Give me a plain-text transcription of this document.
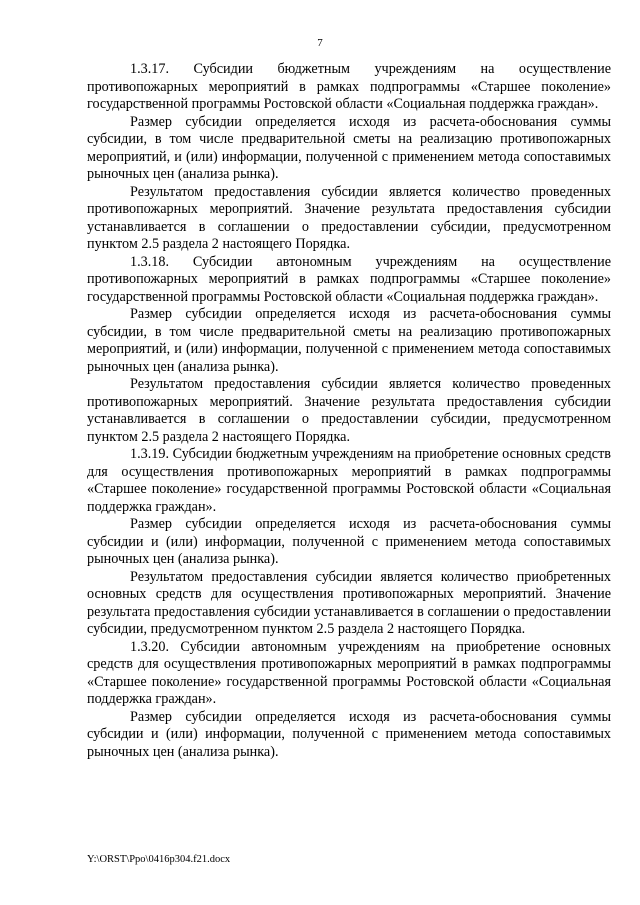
7

1.3.17. Субсидии бюджетным учреждениям на осуществление противопожарных мероприятий в рамках подпрограммы «Старшее поколение» государственной программы Ростовской области «Социальная поддержка граждан».

Размер субсидии определяется исходя из расчета-обоснования суммы субсидии, в том числе предварительной сметы на реализацию противопожарных мероприятий, и (или) информации, полученной с применением метода сопоставимых рыночных цен (анализа рынка).

Результатом предоставления субсидии является количество проведенных противопожарных мероприятий. Значение результата предоставления субсидии устанавливается в соглашении о предоставлении субсидии, предусмотренном пунктом 2.5 раздела 2 настоящего Порядка.

1.3.18. Субсидии автономным учреждениям на осуществление противопожарных мероприятий в рамках подпрограммы «Старшее поколение» государственной программы Ростовской области «Социальная поддержка граждан».

Размер субсидии определяется исходя из расчета-обоснования суммы субсидии, в том числе предварительной сметы на реализацию противопожарных мероприятий, и (или) информации, полученной с применением метода сопоставимых рыночных цен (анализа рынка).

Результатом предоставления субсидии является количество проведенных противопожарных мероприятий. Значение результата предоставления субсидии устанавливается в соглашении о предоставлении субсидии, предусмотренном пунктом 2.5 раздела 2 настоящего Порядка.

1.3.19. Субсидии бюджетным учреждениям на приобретение основных средств для осуществления противопожарных мероприятий в рамках подпрограммы «Старшее поколение» государственной программы Ростовской области «Социальная поддержка граждан».

Размер субсидии определяется исходя из расчета-обоснования суммы субсидии и (или) информации, полученной с применением метода сопоставимых рыночных цен (анализа рынка).

Результатом предоставления субсидии является количество приобретенных основных средств для осуществления противопожарных мероприятий. Значение результата предоставления субсидии устанавливается в соглашении о предоставлении субсидии, предусмотренном пунктом 2.5 раздела 2 настоящего Порядка.

1.3.20. Субсидии автономным учреждениям на приобретение основных средств для осуществления противопожарных мероприятий в рамках подпрограммы «Старшее поколение» государственной программы Ростовской области «Социальная поддержка граждан».

Размер субсидии определяется исходя из расчета-обоснования суммы субсидии и (или) информации, полученной с применением метода сопоставимых рыночных цен (анализа рынка).

Y:\ORST\Ppo\0416p304.f21.docx
